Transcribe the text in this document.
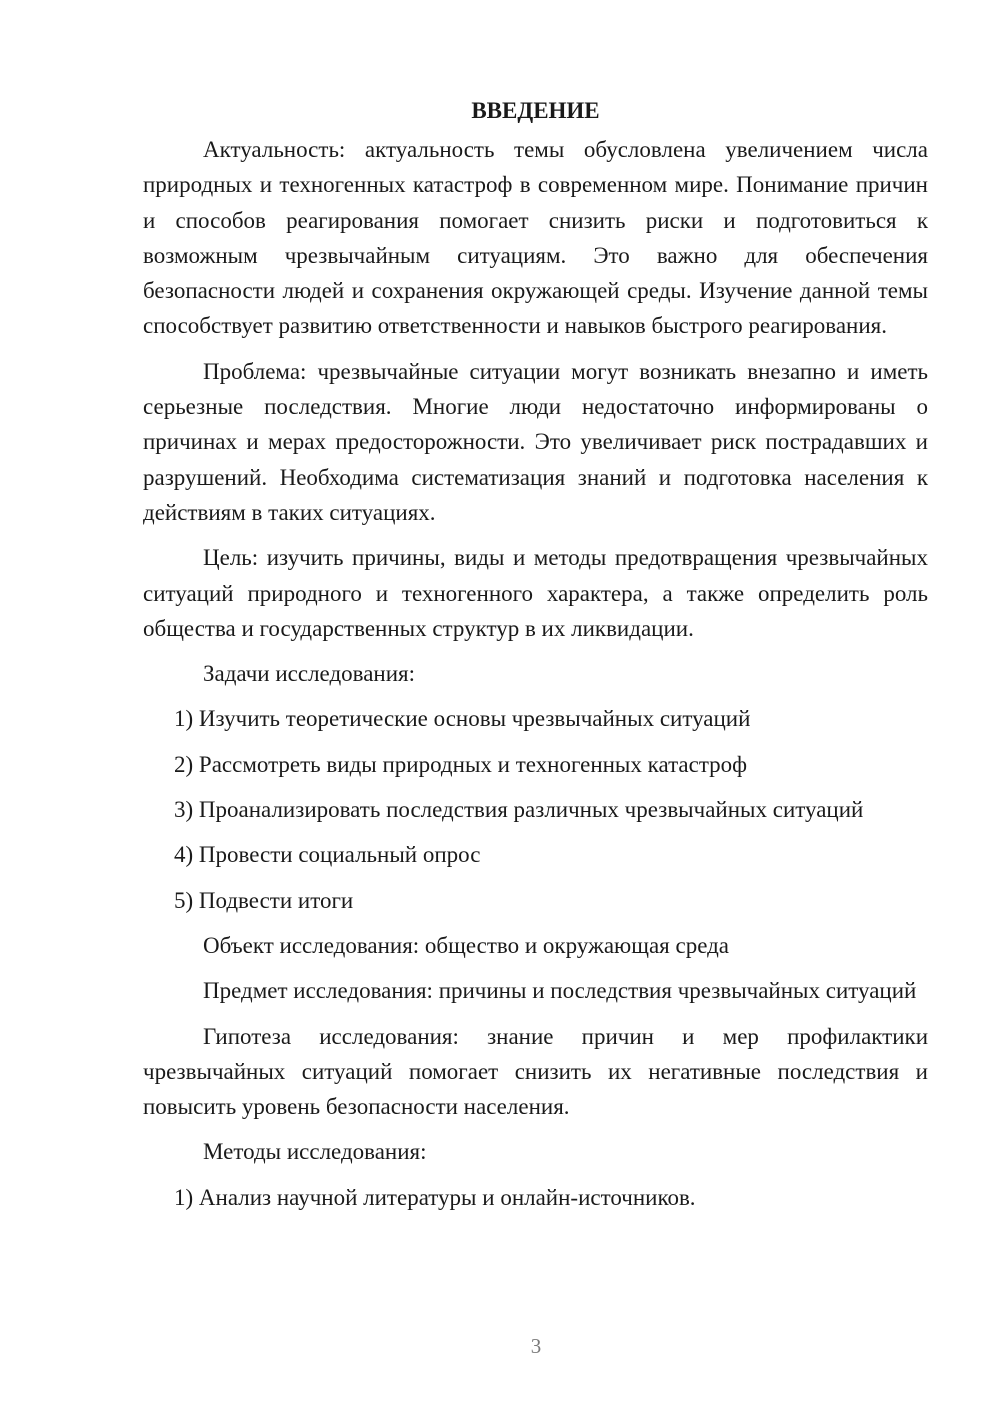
ВВЕДЕНИЕ

Актуальность: актуальность темы обусловлена увеличением числа природных и техногенных катастроф в современном мире. Понимание причин и способов реагирования помогает снизить риски и подготовиться к возможным чрезвычайным ситуациям. Это важно для обеспечения безопасности людей и сохранения окружающей среды. Изучение данной темы способствует развитию ответственности и навыков быстрого реагирования.

Проблема: чрезвычайные ситуации могут возникать внезапно и иметь серьезные последствия. Многие люди недостаточно информированы о причинах и мерах предосторожности. Это увеличивает риск пострадавших и разрушений. Необходима систематизация знаний и подготовка населения к действиям в таких ситуациях.

Цель: изучить причины, виды и методы предотвращения чрезвычайных ситуаций природного и техногенного характера, а также определить роль общества и государственных структур в их ликвидации.

Задачи исследования:
1) Изучить теоретические основы чрезвычайных ситуаций
2) Рассмотреть виды природных и техногенных катастроф
3) Проанализировать последствия различных чрезвычайных ситуаций
4) Провести социальный опрос
5) Подвести итоги
Объект исследования: общество и окружающая среда

Предмет исследования: причины и последствия чрезвычайных ситуаций

Гипотеза исследования: знание причин и мер профилактики чрезвычайных ситуаций помогает снизить их негативные последствия и повысить уровень безопасности населения.

Методы исследования:
1) Анализ научной литературы и онлайн-источников.
3
